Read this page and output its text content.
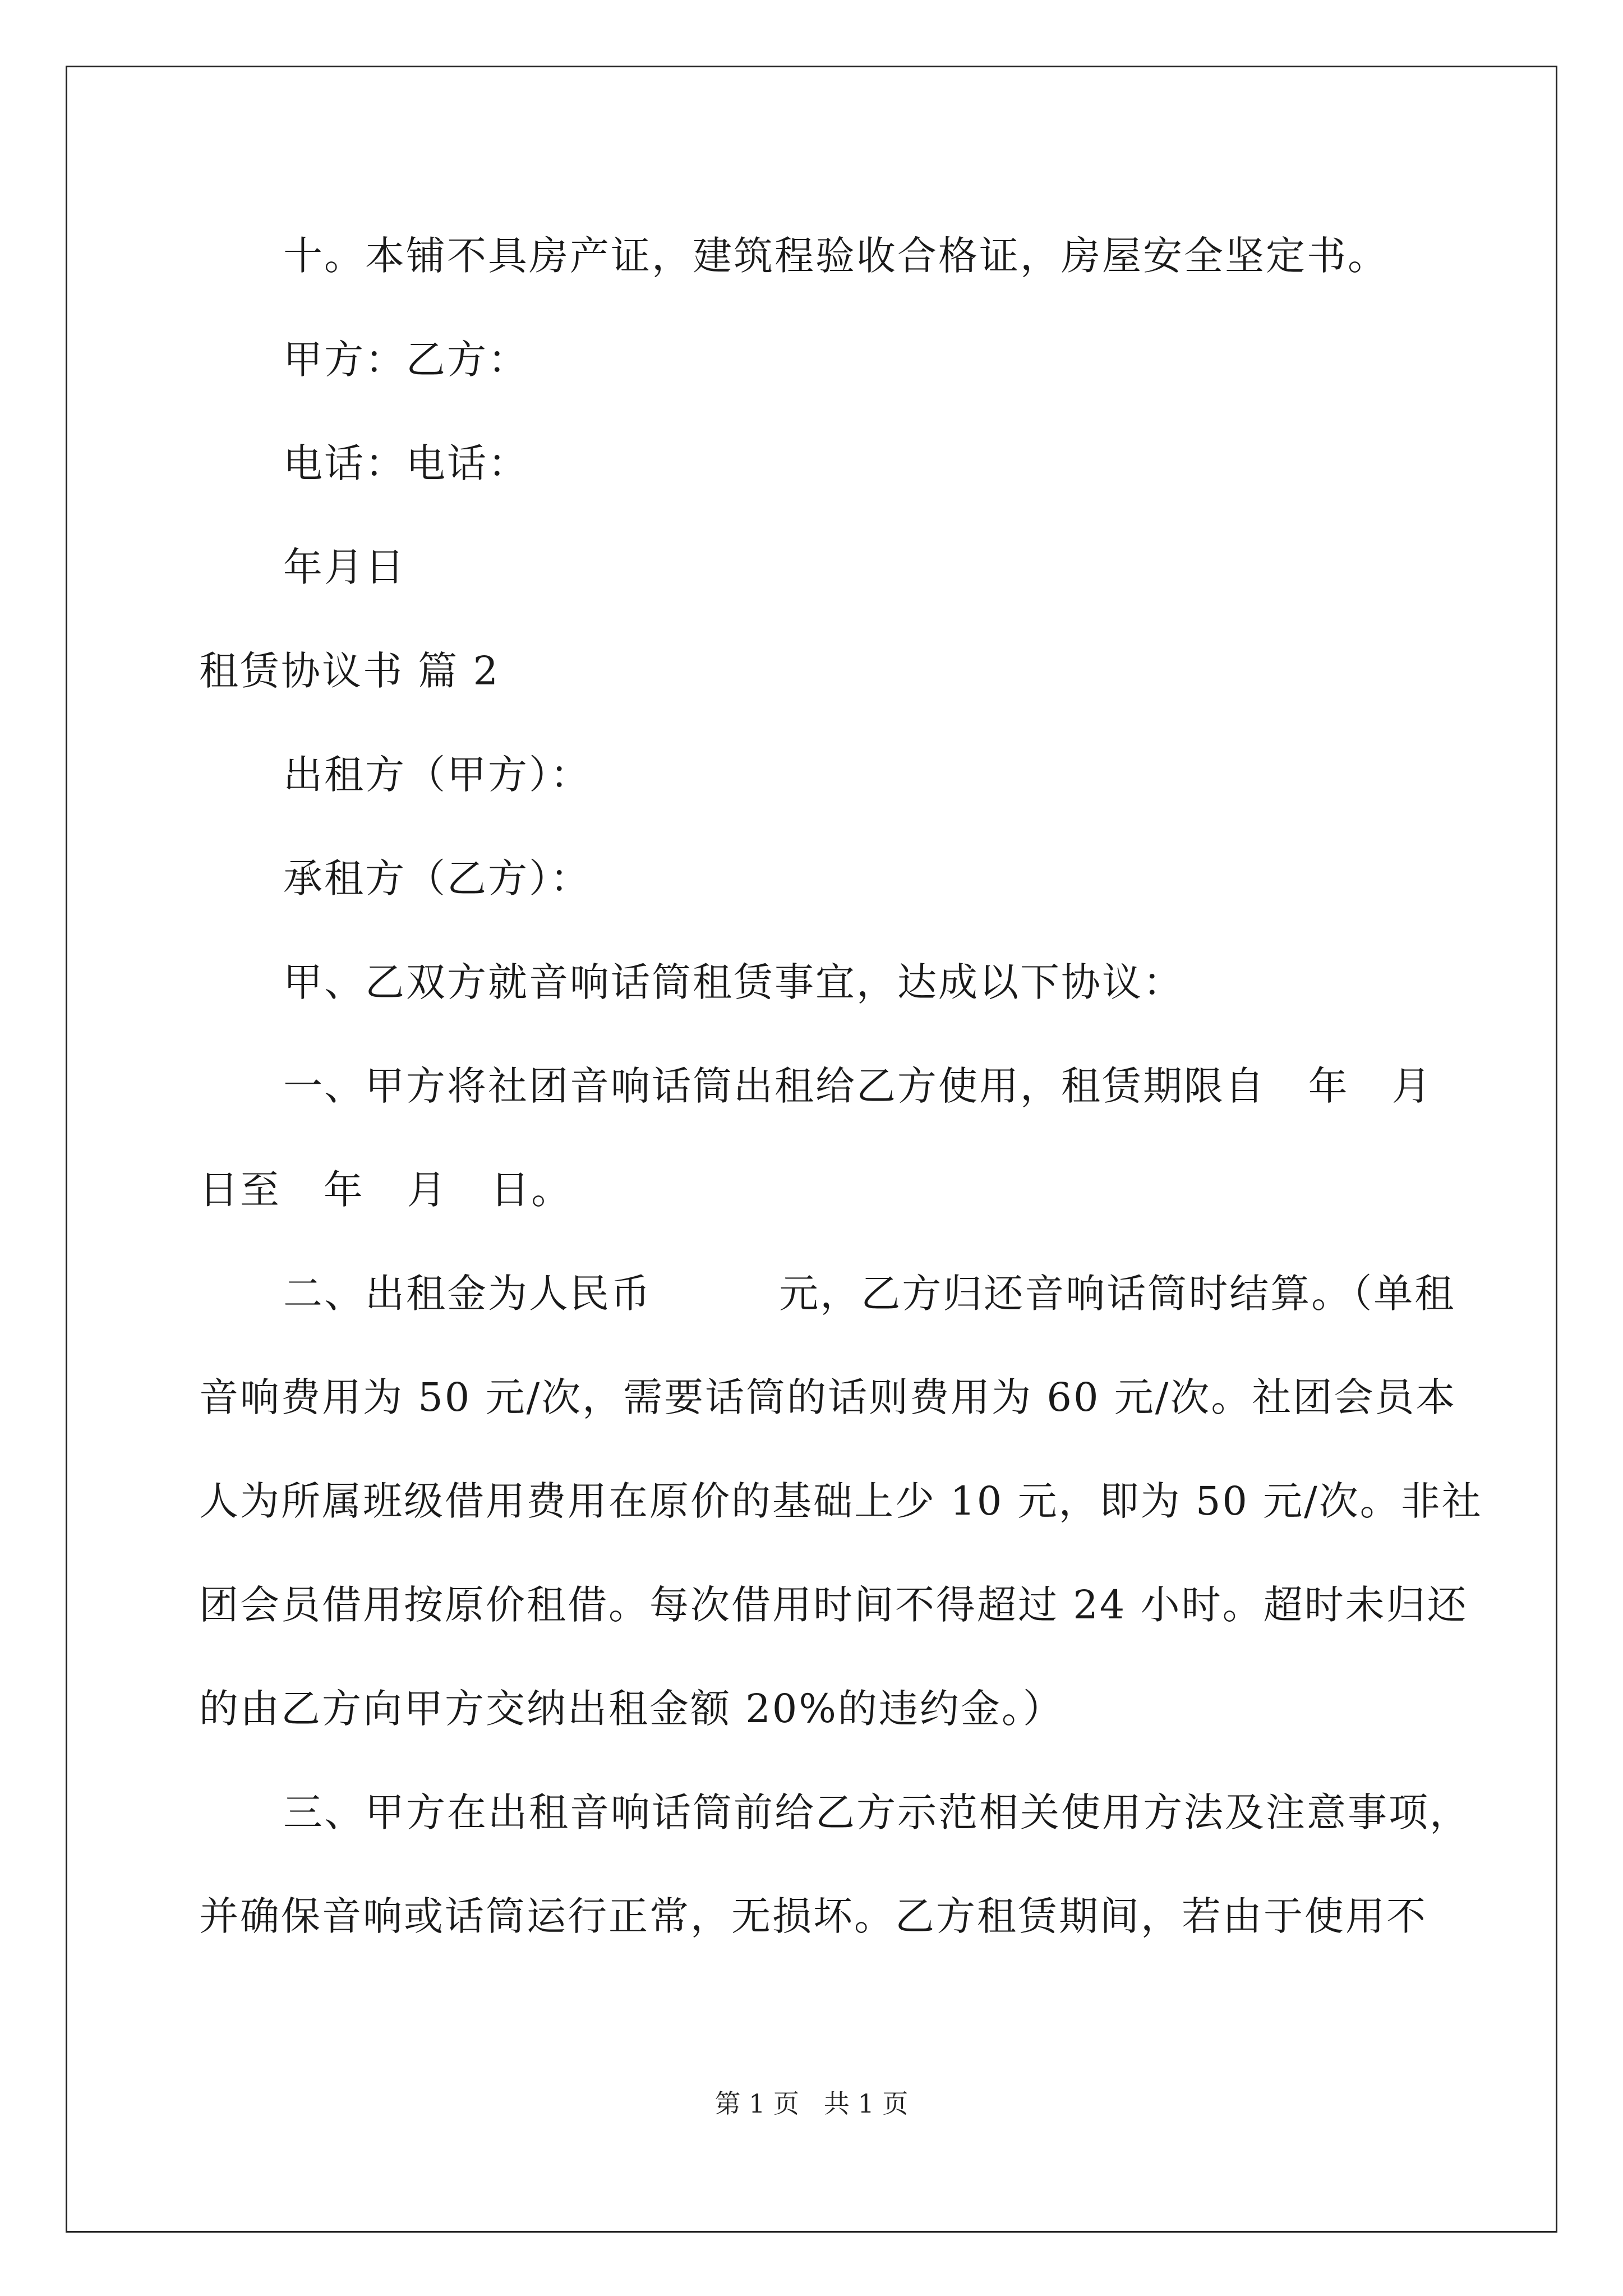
十。本铺不具房产证，建筑程验收合格证，房屋安全坚定书。
甲方：乙方：
电话：电话：
年月日
租赁协议书 篇 2
出租方（甲方）：
承租方（乙方）：
甲、乙双方就音响话筒租赁事宜，达成以下协议：
一、甲方将社团音响话筒出租给乙方使用，租赁期限自   年   月
日至   年   月   日。
二、出租金为人民币         元，乙方归还音响话筒时结算。（单租
音响费用为 50 元/次，需要话筒的话则费用为 60 元/次。社团会员本
人为所属班级借用费用在原价的基础上少 10 元，即为 50 元/次。非社
团会员借用按原价租借。每次借用时间不得超过 24 小时。超时未归还
的由乙方向甲方交纳出租金额 20%的违约金。）
三、甲方在出租音响话筒前给乙方示范相关使用方法及注意事项，
并确保音响或话筒运行正常，无损坏。乙方租赁期间，若由于使用不
第 1 页   共 1 页
